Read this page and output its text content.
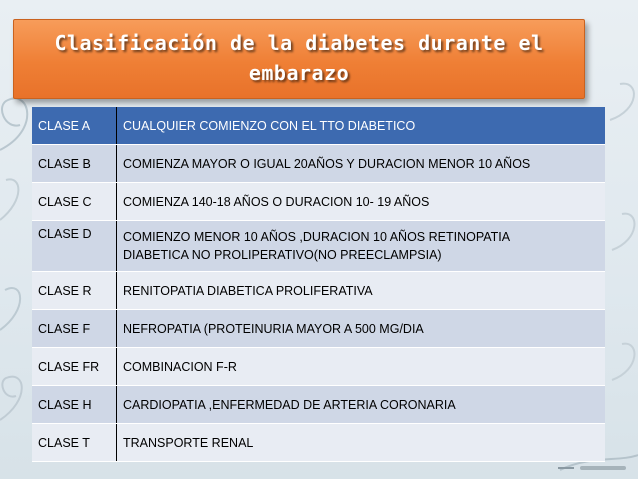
Clasificación de la diabetes durante el
embarazo
CLASE A	CUALQUIER COMIENZO CON EL TTO DIABETICO
CLASE B	COMIENZA MAYOR O IGUAL 20AÑOS Y DURACION MENOR 10 AÑOS
CLASE C	COMIENZA 140-18 AÑOS O DURACION 10- 19 AÑOS
CLASE D	COMIENZO MENOR 10 AÑOS ,DURACION 10 AÑOS RETINOPATIA
DIABETICA NO PROLIPERATIVO(NO PREECLAMPSIA)
CLASE R	RENITOPATIA DIABETICA PROLIFERATIVA
CLASE F	NEFROPATIA (PROTEINURIA MAYOR A 500 MG/DIA
CLASE FR	COMBINACION F-R
CLASE H	CARDIOPATIA ,ENFERMEDAD DE ARTERIA CORONARIA
CLASE T	TRANSPORTE RENAL
